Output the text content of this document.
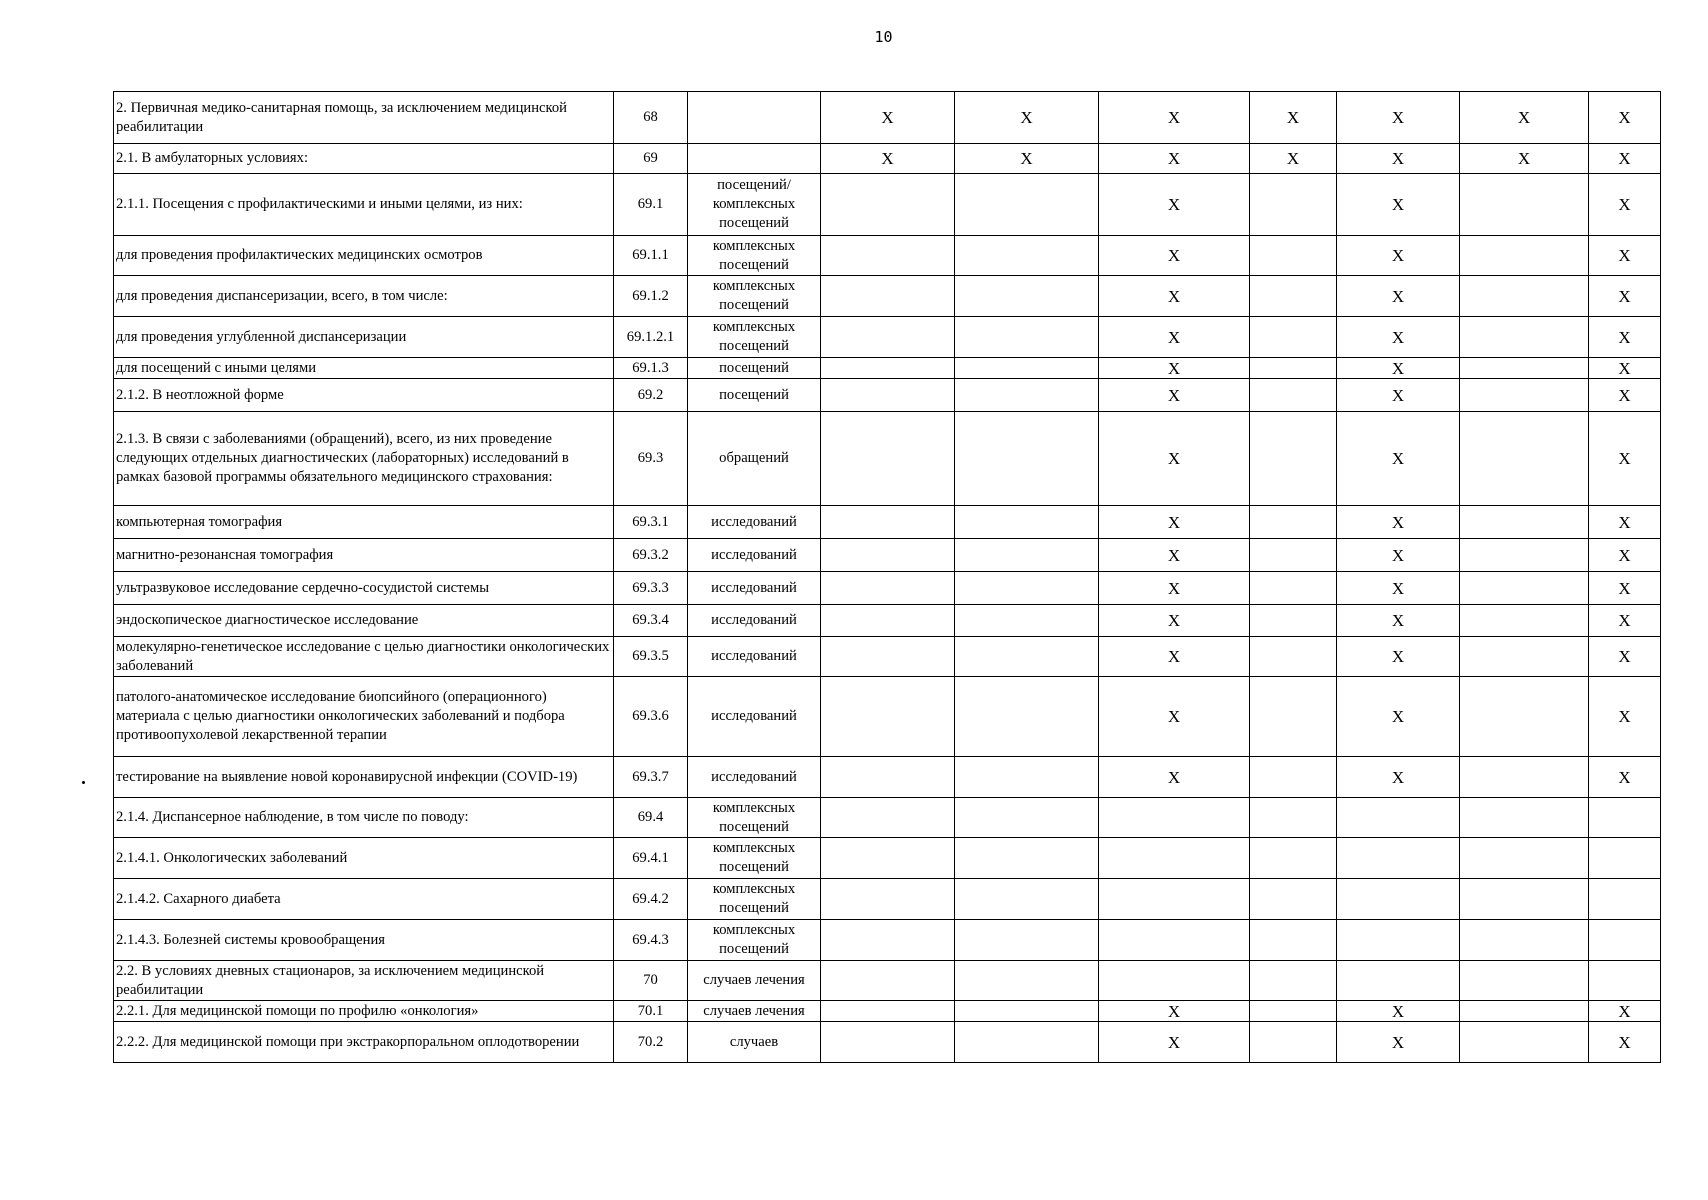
10
2. Первичная медико-санитарная помощь, за исключением медицинской реабилитации	68		X	X	X	X	X	X	X
2.1. В амбулаторных условиях:	69		X	X	X	X	X	X	X
2.1.1. Посещения с профилактическими и иными целями, из них:	69.1	посещений/ комплексных посещений			X		X		X
для проведения профилактических медицинских осмотров	69.1.1	комплексных посещений			X		X		X
для проведения диспансеризации, всего, в том числе:	69.1.2	комплексных посещений			X		X		X
для проведения углубленной диспансеризации	69.1.2.1	комплексных посещений			X		X		X
для посещений с иными целями	69.1.3	посещений			X		X		X
2.1.2. В неотложной форме	69.2	посещений			X		X		X
2.1.3. В связи с заболеваниями (обращений), всего, из них проведение следующих отдельных диагностических (лабораторных) исследований в рамках базовой программы обязательного медицинского страхования:	69.3	обращений			X		X		X
компьютерная томография	69.3.1	исследований			X		X		X
магнитно-резонансная томография	69.3.2	исследований			X		X		X
ультразвуковое исследование сердечно-сосудистой системы	69.3.3	исследований			X		X		X
эндоскопическое диагностическое исследование	69.3.4	исследований			X		X		X
молекулярно-генетическое исследование с целью диагностики онкологических заболеваний	69.3.5	исследований			X		X		X
патолого-анатомическое исследование биопсийного (операционного) материала с целью диагностики онкологических заболеваний и подбора противоопухолевой лекарственной терапии	69.3.6	исследований			X		X		X
тестирование на выявление новой коронавирусной инфекции (COVID-19)	69.3.7	исследований			X		X		X
2.1.4. Диспансерное наблюдение, в том числе по поводу:	69.4	комплексных посещений							
2.1.4.1. Онкологических заболеваний	69.4.1	комплексных посещений							
2.1.4.2. Сахарного диабета	69.4.2	комплексных посещений							
2.1.4.3. Болезней системы кровообращения	69.4.3	комплексных посещений							
2.2. В условиях дневных стационаров, за исключением медицинской реабилитации	70	случаев лечения							
2.2.1. Для медицинской помощи по профилю «онкология»	70.1	случаев лечения			X		X		X
2.2.2. Для медицинской помощи при экстракорпоральном оплодотворении	70.2	случаев			X		X		X
